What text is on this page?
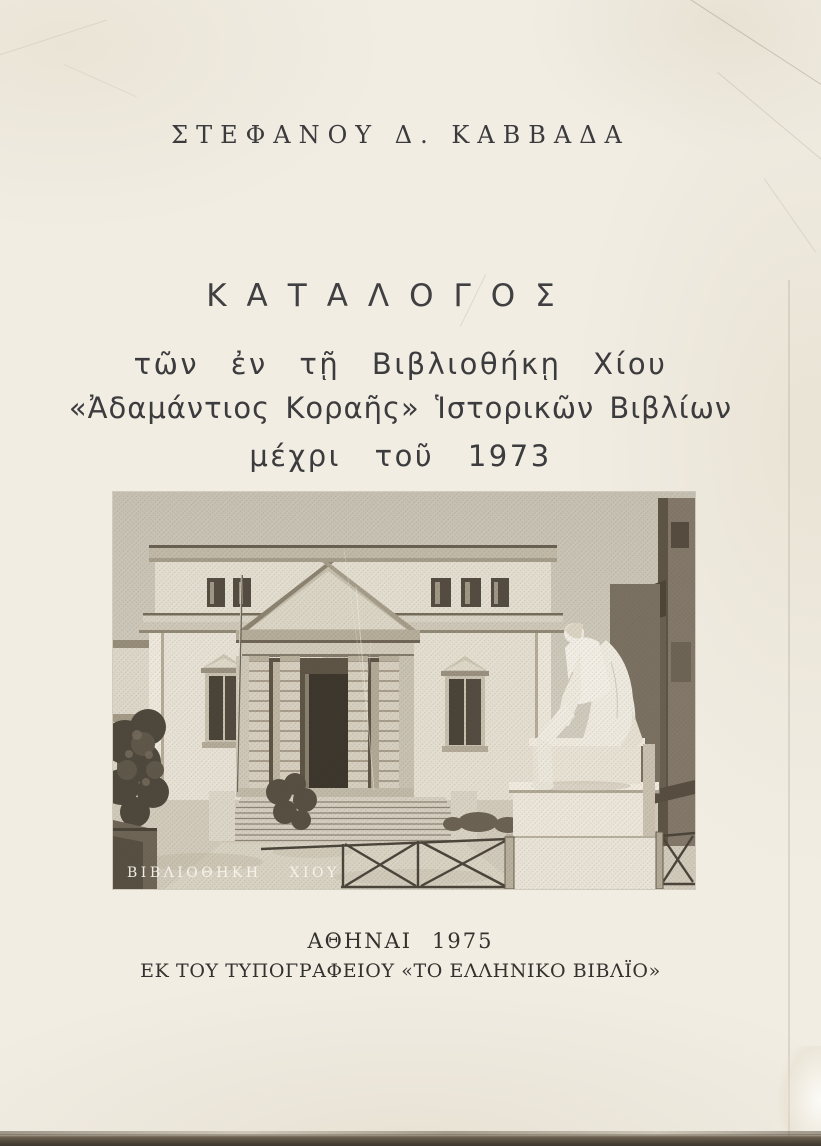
ΣΤΕΦΑΝΟΥ Δ. ΚΑΒΒΑΔΑ
ΚΑΤΑΛΟΓΟΣ
τῶν ἐν τῇ Βιβλιοθήκῃ Χίου
«Ἀδαμάντιος Κοραῆς» Ἱστορικῶν Βιβλίων
μέχρι τοῦ 1973
ΒΙΒΛΙΟΘΗΚΗ ΧΙΟΥ
ΑΘΗΝΑΙ 1975
ΕΚ ΤΟΥ ΤΥΠΟΓΡΑΦΕΙΟΥ «ΤΟ ΕΛΛΗΝΙΚΟ ΒΙΒΛΪΟ»
